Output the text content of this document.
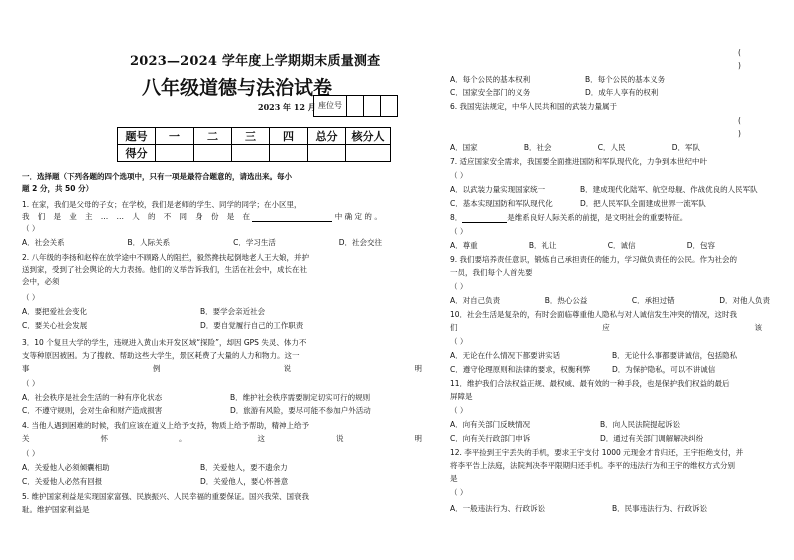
2023—2024 学年度上学期期末质量测查
八年级道德与法治试卷
2023 年 12 月 座位号
题号	一	二	三	四	总分	核分人
得分						
一．选择题（下列各题的四个选项中，只有一项是最符合题意的，请选出来。每小
题 2 分，共 50 分）
1. 在家，我们是父母的子女；在学校，我们是老师的学生、同学的同学；在小区里，
我 们 是 业 主 … … 人 的 不 同 身 份 是 在	中 确 定 的 。
（ ）
A．社会关系	B．人际关系	C．学习生活	D．社会交往
2. 八年级的李扬和赵梓在放学途中不顾路人的阻拦，毅然搀扶起倒地老人王大娘，并护
送到家，受到了社会舆论的大力表扬。他们的义举告诉我们，生活在社会中，成长在社
会中，必须
（ ）
A．要把爱社会变化	B．要学会亲近社会
C．要关心社会发展	D．要自觉履行自己的工作职责
3．10 个复旦大学的学生，违规进入黄山未开发区域“探险”，却因 GPS 失灵、体力不
支等种原因被困。为了搜救、帮助这些大学生，景区耗费了大量的人力和物力。这一
事	例	说	明
（ ）
A．社会秩序是社会生活的一种有序化状态	B．维护社会秩序需要制定切实可行的规则
C．不遵守规则，会对生命和财产造成损害	D．旅游有风险，要尽可能不参加户外活动
4. 当他人遇到困难的时候，我们应该在道义上给予支持，物质上给予帮助，精神上给予
关	怀	。	这	说	明
（ ）
A．关爱他人必须倾囊相助	B．关爱他人，要不遗余力
C．关爱他人必然有回报	D．关爱他人，要心怀善意
5. 维护国家利益是实现国家富强、民族振兴、人民幸福的重要保证。国兴我荣、国衰我
耻。维护国家利益是
(
)
A．每个公民的基本权利	B．每个公民的基本义务
C．国家安全部门的义务	D．成年人享有的权利
6. 我国宪法规定，中华人民共和国的武装力量属于
(
)
A．国家	B．社会	C．人民	D．军队
7. 适应国家安全需求，我国要全面推进国防和军队现代化，力争到本世纪中叶
（ ）
A．以武装力量实现国家统一	B．建成现代化陆军、航空母舰、作战优良的人民军队
C．基本实现国防和军队现代化	D．把人民军队全面建成世界一流军队
8．	是维系良好人际关系的前提，是文明社会的重要特征。
（ ）
A．尊重	B．礼让	C．诚信	D．包容
9. 我们要培养责任意识，锻炼自己承担责任的能力，学习做负责任的公民。作为社会的
一员，我们每个人首先要
（ ）
A．对自己负责	B．热心公益	C．承担过错	D．对他人负责
10．社会生活是复杂的，有时会面临尊重他人隐私与对人诚信发生冲突的情况，这时我
们	应	该
（ ）
A．无论在什么情况下都要讲实话	B．无论什么事都要讲诚信，包括隐私
C．遵守伦理原则和法律的要求，权衡利弊	D．为保护隐私，可以不讲诚信
11．维护我们合法权益正规、最权威、最有效的一种手段，也是保护我们权益的最后
屏障是
（ ）
A．向有关部门反映情况	B．向人民法院提起诉讼
C．向有关行政部门申诉	D．通过有关部门调解解决纠纷
12. 李平捡到王宇丢失的手机，要求王宇支付 1000 元现金才肯归还，王宇拒绝支付，并
将李平告上法庭，法院判决李平限期归还手机。李平的违法行为和王宇的维权方式分别
是
（ ）
A．一般违法行为、行政诉讼	B．民事违法行为、行政诉讼
